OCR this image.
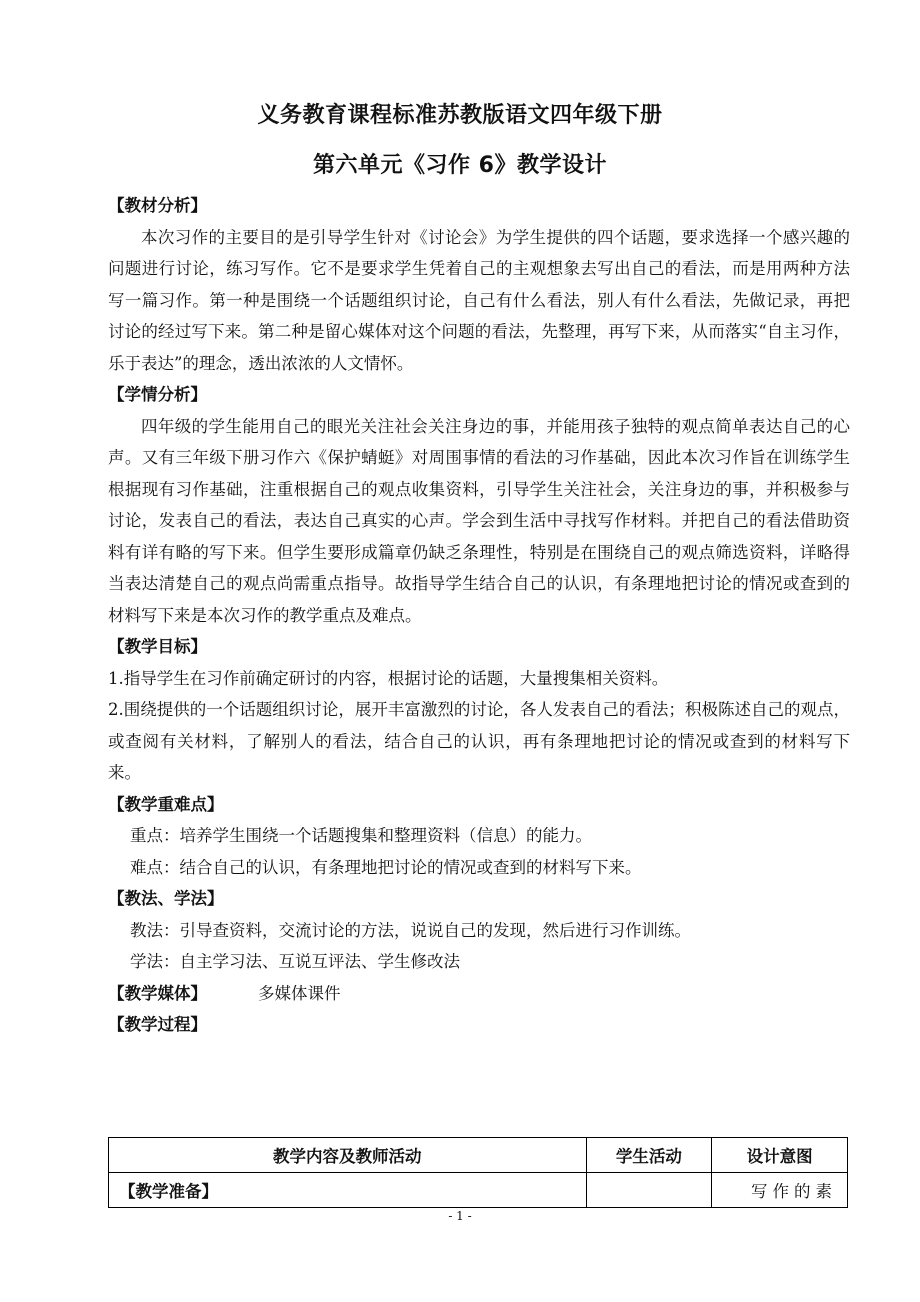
义务教育课程标准苏教版语文四年级下册
第六单元《习作 6》教学设计

【教材分析】

本次习作的主要目的是引导学生针对《讨论会》为学生提供的四个话题，要求选择一个感兴趣的问题进行讨论，练习写作。它不是要求学生凭着自己的主观想象去写出自己的看法，而是用两种方法写一篇习作。第一种是围绕一个话题组织讨论，自己有什么看法，别人有什么看法，先做记录，再把讨论的经过写下来。第二种是留心媒体对这个问题的看法，先整理，再写下来，从而落实“自主习作，乐于表达”的理念，透出浓浓的人文情怀。

【学情分析】

四年级的学生能用自己的眼光关注社会关注身边的事，并能用孩子独特的观点简单表达自己的心声。又有三年级下册习作六《保护蜻蜓》对周围事情的看法的习作基础，因此本次习作旨在训练学生根据现有习作基础，注重根据自己的观点收集资料，引导学生关注社会，关注身边的事，并积极参与讨论，发表自己的看法，表达自己真实的心声。学会到生活中寻找写作材料。并把自己的看法借助资料有详有略的写下来。但学生要形成篇章仍缺乏条理性，特别是在围绕自己的观点筛选资料，详略得当表达清楚自己的观点尚需重点指导。故指导学生结合自己的认识，有条理地把讨论的情况或查到的材料写下来是本次习作的教学重点及难点。

【教学目标】

1.指导学生在习作前确定研讨的内容，根据讨论的话题，大量搜集相关资料。

2.围绕提供的一个话题组织讨论，展开丰富激烈的讨论，各人发表自己的看法；积极陈述自己的观点，或查阅有关材料，了解别人的看法，结合自己的认识，再有条理地把讨论的情况或查到的材料写下来。

【教学重难点】

重点：培养学生围绕一个话题搜集和整理资料（信息）的能力。

难点：结合自己的认识，有条理地把讨论的情况或查到的材料写下来。

【教法、学法】

教法：引导查资料，交流讨论的方法，说说自己的发现，然后进行习作训练。

学法：自主学习法、互说互评法、学生修改法

【教学媒体】	多媒体课件

【教学过程】

教学内容及教师活动	学生活动	设计意图
【教学准备】		写作的素
- 1 -
